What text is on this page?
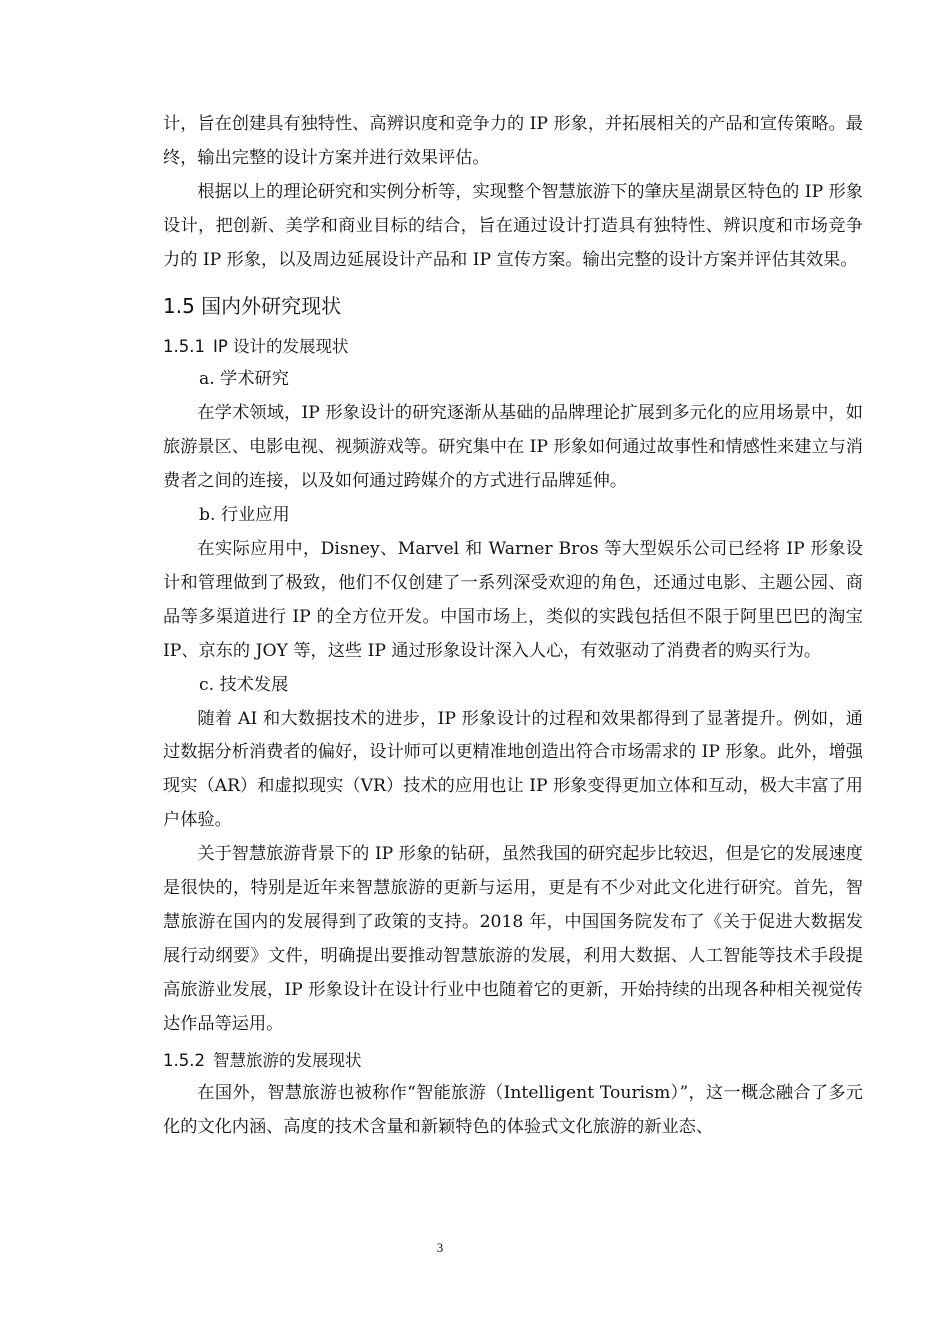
计，旨在创建具有独特性、高辨识度和竞争力的 IP 形象，并拓展相关的产品和宣传策略。最终，输出完整的设计方案并进行效果评估。

根据以上的理论研究和实例分析等，实现整个智慧旅游下的肇庆星湖景区特色的 IP 形象设计，把创新、美学和商业目标的结合，旨在通过设计打造具有独特性、辨识度和市场竞争力的 IP 形象，以及周边延展设计产品和 IP 宣传方案。输出完整的设计方案并评估其效果。

1.5 国内外研究现状
1.5.1 IP 设计的发展现状

a. 学术研究

在学术领域，IP 形象设计的研究逐渐从基础的品牌理论扩展到多元化的应用场景中，如旅游景区、电影电视、视频游戏等。研究集中在 IP 形象如何通过故事性和情感性来建立与消费者之间的连接，以及如何通过跨媒介的方式进行品牌延伸。

b. 行业应用

在实际应用中，Disney、Marvel 和 Warner Bros 等大型娱乐公司已经将 IP 形象设计和管理做到了极致，他们不仅创建了一系列深受欢迎的角色，还通过电影、主题公园、商品等多渠道进行 IP 的全方位开发。中国市场上，类似的实践包括但不限于阿里巴巴的淘宝 IP、京东的 JOY 等，这些 IP 通过形象设计深入人心，有效驱动了消费者的购买行为。

c. 技术发展

随着 AI 和大数据技术的进步，IP 形象设计的过程和效果都得到了显著提升。例如，通过数据分析消费者的偏好，设计师可以更精准地创造出符合市场需求的 IP 形象。此外，增强现实（AR）和虚拟现实（VR）技术的应用也让 IP 形象变得更加立体和互动，极大丰富了用户体验。

关于智慧旅游背景下的 IP 形象的钻研，虽然我国的研究起步比较迟，但是它的发展速度是很快的，特别是近年来智慧旅游的更新与运用，更是有不少对此文化进行研究。首先，智慧旅游在国内的发展得到了政策的支持。2018 年，中国国务院发布了《关于促进大数据发展行动纲要》文件，明确提出要推动智慧旅游的发展，利用大数据、人工智能等技术手段提高旅游业发展，IP 形象设计在设计行业中也随着它的更新，开始持续的出现各种相关视觉传达作品等运用。

1.5.2 智慧旅游的发展现状

在国外，智慧旅游也被称作“智能旅游（Intelligent Tourism）”，这一概念融合了多元化的文化内涵、高度的技术含量和新颖特色的体验式文化旅游的新业态、

3
